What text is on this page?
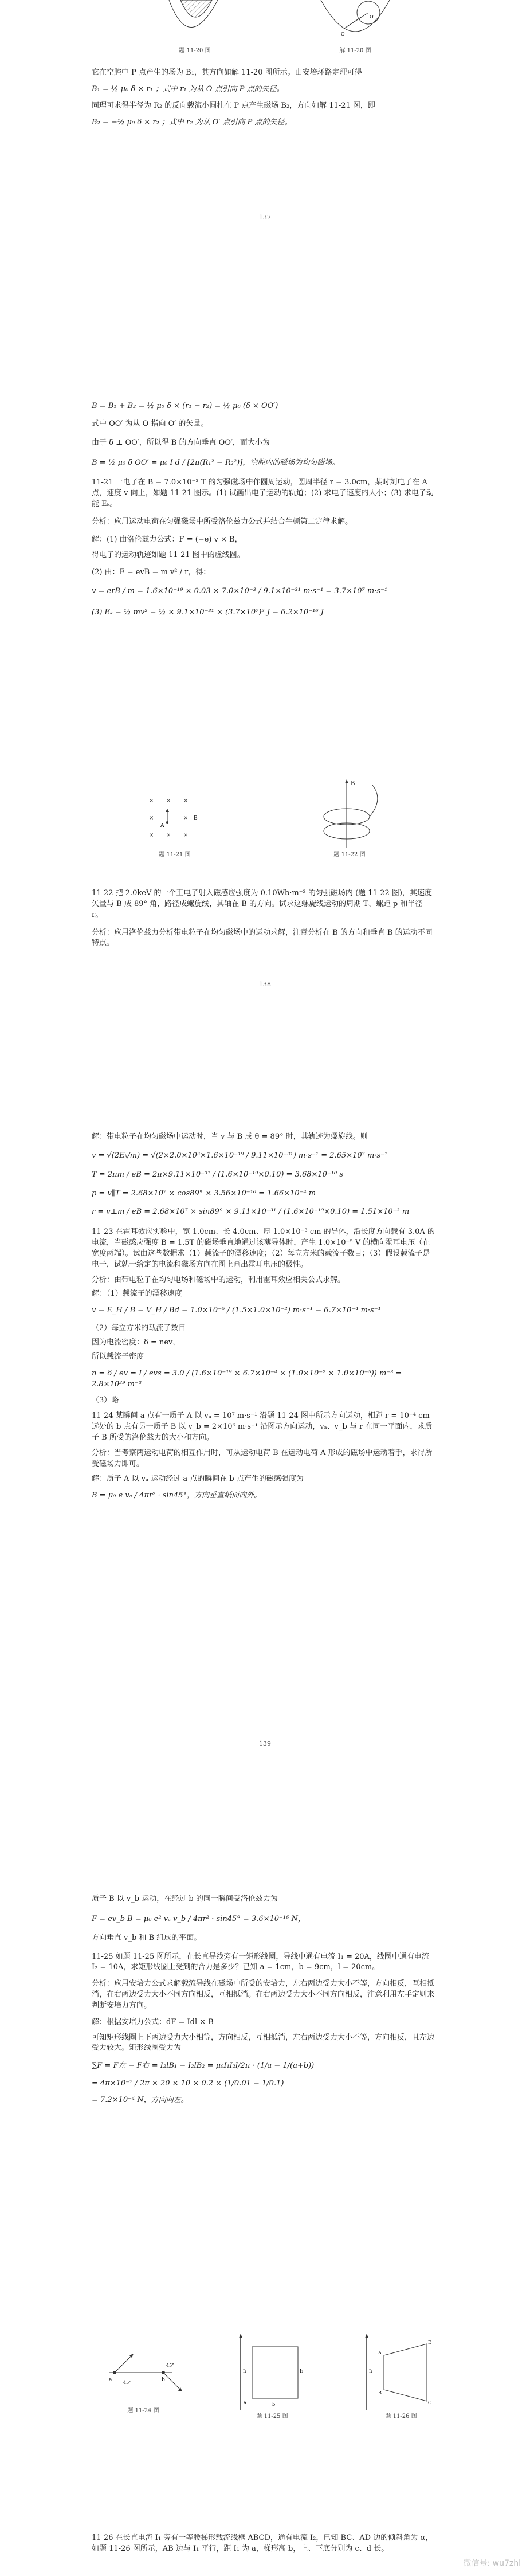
题 11-20 图
O
O′
解 11-20 图

它在空腔中 P 点产生的场为 B₁，其方向如解 11-20 图所示。由安培环路定理可得

B₁ = ½ μ₀ δ × r₁ ；式中 r₁ 为从 O 点引向 P 点的矢径。

同理可求得半径为 R₂ 的反向载流小圆柱在 P 点产生磁场 B₂，方向如解 11-21 图，即

B₂ = −½ μ₀ δ × r₂ ；式中 r₂ 为从 O′ 点引向 P 点的矢径。

137

B = B₁ + B₂ = ½ μ₀ δ × (r₁ − r₂) = ½ μ₀ (δ × OO′)

式中 OO′ 为从 O 指向 O′ 的矢量。

由于 δ ⊥ OO′，所以得 B 的方向垂直 OO′，而大小为

B = ½ μ₀ δ OO′ = μ₀ I d / [2π(R₁² − R₂²)]，空腔内的磁场为均匀磁场。

11-21 一电子在 B = 7.0×10⁻³ T 的匀强磁场中作圆周运动，圆周半径 r = 3.0cm，某时刻电子在 A 点，速度 v 向上，如题 11-21 图示。(1) 试画出电子运动的轨道；(2) 求电子速度的大小；(3) 求电子动能 Eₖ。

分析：应用运动电荷在匀强磁场中所受洛伦兹力公式并结合牛顿第二定律求解。

解：(1) 由洛伦兹力公式：F = (−e) v × B，

得电子的运动轨迹如题 11-21 图中的虚线圆。

(2) 由：F = evB = m v² / r，得：

v = erB / m = 1.6×10⁻¹⁹ × 0.03 × 7.0×10⁻³ / 9.1×10⁻³¹ m·s⁻¹ = 3.7×10⁷ m·s⁻¹

(3) Eₖ = ½ mv² = ½ × 9.1×10⁻³¹ × (3.7×10⁷)² J = 6.2×10⁻¹⁶ J

× × ×
×	×
× × ×
B
A
题 11-21 图
B
题 11-22 图

11-22 把 2.0keV 的一个正电子射入磁感应强度为 0.10Wb·m⁻² 的匀强磁场内 (题 11-22 图)，其速度矢量与 B 成 89° 角，路径成螺旋线，其轴在 B 的方向。试求这螺旋线运动的周期 T、螺距 p 和半径 r。

分析：应用洛伦兹力分析带电粒子在均匀磁场中的运动求解，注意分析在 B 的方向和垂直 B 的运动不同特点。

138

解：带电粒子在均匀磁场中运动时，当 v 与 B 成 θ = 89° 时，其轨迹为螺旋线。则

v = √(2Eₖ/m) = √(2×2.0×10³×1.6×10⁻¹⁹ / 9.11×10⁻³¹) m·s⁻¹ = 2.65×10⁷ m·s⁻¹

T = 2πm / eB = 2π×9.11×10⁻³¹ / (1.6×10⁻¹⁹×0.10) = 3.68×10⁻¹⁰ s

p = v∥T = 2.68×10⁷ × cos89° × 3.56×10⁻¹⁰ = 1.66×10⁻⁴ m

r = v⊥m / eB = 2.68×10⁷ × sin89° × 9.11×10⁻³¹ / (1.6×10⁻¹⁹×0.10) = 1.51×10⁻³ m

11-23 在霍耳效应实验中，宽 1.0cm、长 4.0cm、厚 1.0×10⁻³ cm 的导体，沿长度方向载有 3.0A 的电流，当磁感应强度 B = 1.5T 的磁场垂直地通过该薄导体时，产生 1.0×10⁻⁵ V 的横向霍耳电压（在宽度两端）。试由这些数据求（1）载流子的漂移速度；（2）每立方米的载流子数目；（3）假设载流子是电子，试就一给定的电流和磁场方向在图上画出霍耳电压的极性。

分析：由带电粒子在均匀电场和磁场中的运动，利用霍耳效应相关公式求解。

解：（1）载流子的漂移速度

v̄ = E_H / B = V_H / Bd = 1.0×10⁻⁵ / (1.5×1.0×10⁻²) m·s⁻¹ = 6.7×10⁻⁴ m·s⁻¹

（2）每立方米的载流子数目

因为电流密度：δ = nev̄，

所以载流子密度

n = δ / ev̄ = I / evs = 3.0 / (1.6×10⁻¹⁹ × 6.7×10⁻⁴ × (1.0×10⁻² × 1.0×10⁻⁵)) m⁻³ = 2.8×10²⁹ m⁻³

（3）略

11-24 某瞬间 a 点有一质子 A 以 vₐ = 10⁷ m·s⁻¹ 沿题 11-24 图中所示方向运动，相距 r = 10⁻⁴ cm 远处的 b 点有另一质子 B 以 v_b = 2×10⁶ m·s⁻¹ 沿图示方向运动，vₐ、v_b 与 r 在同一平面内，求质子 B 所受的洛伦兹力的大小和方向。

分析：当考察两运动电荷的相互作用时，可从运动电荷 B 在运动电荷 A 形成的磁场中运动着手，求得所受磁场力即可。

解：质子 A 以 vₐ 运动经过 a 点的瞬间在 b 点产生的磁感强度为

B = μ₀ e vₐ / 4πr² · sin45°，方向垂直纸面向外。

139

质子 B 以 v_b 运动，在经过 b 的同一瞬间受洛伦兹力为

F = ev_b B = μ₀ e² vₐ v_b / 4πr² · sin45° = 3.6×10⁻¹⁶ N，

方向垂直 v_b 和 B 组成的平面。

11-25 如题 11-25 图所示，在长直导线旁有一矩形线圈，导线中通有电流 I₁ = 20A，线圈中通有电流 I₂ = 10A，求矩形线圈上受到的合力是多少？已知 a = 1cm，b = 9cm，l = 20cm。

分析：应用安培力公式求解载流导线在磁场中所受的安培力，左右两边受力大小不等，方向相反，互相抵消，在右两边受力大小不同方向相反，互相抵消。在右两边受力大小不同方向相反，注意利用左手定则来判断安培力方向。

解：根据安培力公式：dF = Idl × B

可知矩形线圈上下两边受力大小相等，方向相反，互相抵消，左右两边受力大小不等，方向相反，且左边受力较大。矩形线圈受力为

∑F = F左 − F右 = I₂lB₁ − I₂lB₂ = μ₀I₁I₂l/2π · (1/a − 1/(a+b))

= 4π×10⁻⁷ / 2π × 20 × 10 × 0.2 × (1/0.01 − 1/0.1)

= 7.2×10⁻⁴ N，方向向左。

a	b
45°
45°
题 11-24 图
I₁	I₂
a	b
题 11-25 图
A
B
C
D
I₁
题 11-26 图

11-26 在长直电流 I₁ 旁有一等腰梯形载流线框 ABCD，通有电流 I₂，已知 BC、AD 边的倾斜角为 α，如题 11-26 图所示，AB 边与 I₁ 平行，距 I₁ 为 a，梯形高 b，上、下底分别为 c、d 长。

微信号: wu7zhl
